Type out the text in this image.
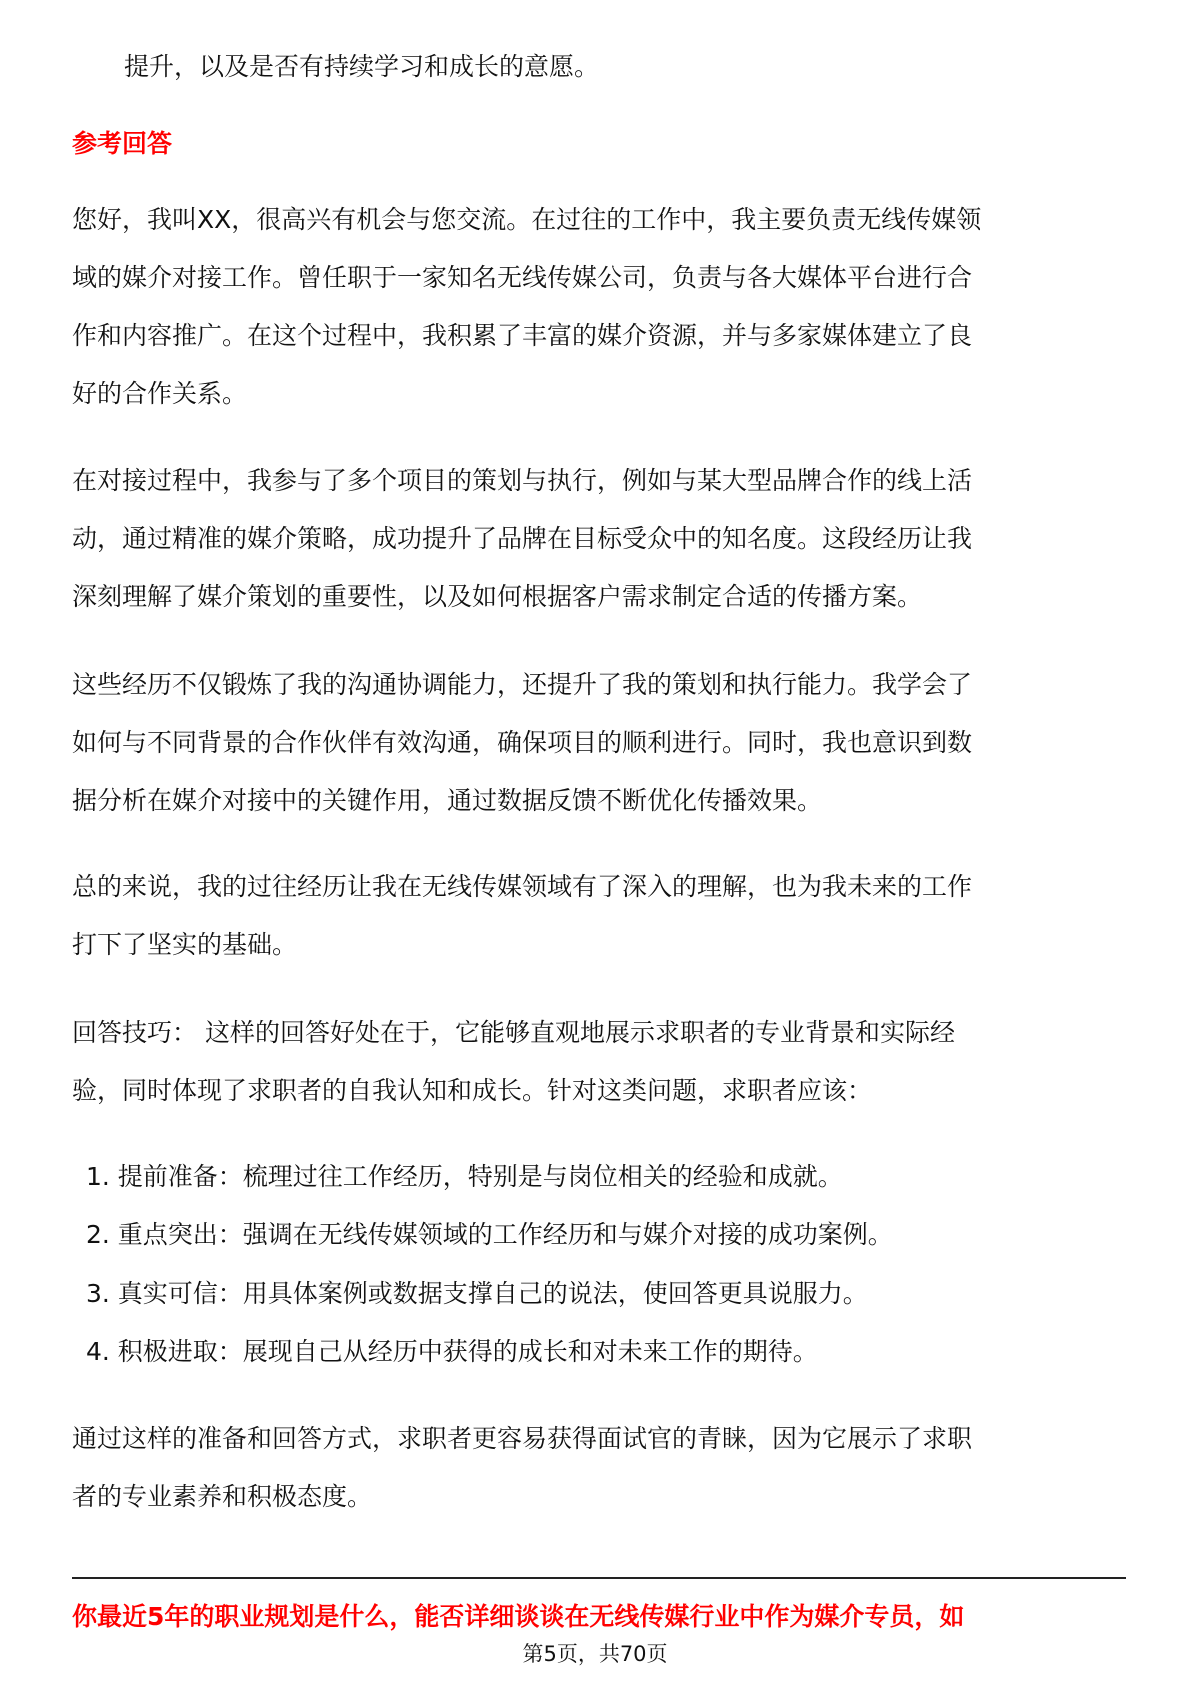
提升，以及是否有持续学习和成长的意愿。
参考回答
您好，我叫XX，很高兴有机会与您交流。在过往的工作中，我主要负责无线传媒领
域的媒介对接工作。曾任职于一家知名无线传媒公司，负责与各大媒体平台进行合
作和内容推广。在这个过程中，我积累了丰富的媒介资源，并与多家媒体建立了良
好的合作关系。
在对接过程中，我参与了多个项目的策划与执行，例如与某大型品牌合作的线上活
动，通过精准的媒介策略，成功提升了品牌在目标受众中的知名度。这段经历让我
深刻理解了媒介策划的重要性，以及如何根据客户需求制定合适的传播方案。
这些经历不仅锻炼了我的沟通协调能力，还提升了我的策划和执行能力。我学会了
如何与不同背景的合作伙伴有效沟通，确保项目的顺利进行。同时，我也意识到数
据分析在媒介对接中的关键作用，通过数据反馈不断优化传播效果。
总的来说，我的过往经历让我在无线传媒领域有了深入的理解，也为我未来的工作
打下了坚实的基础。
回答技巧： 这样的回答好处在于，它能够直观地展示求职者的专业背景和实际经
验，同时体现了求职者的自我认知和成长。针对这类问题，求职者应该：
1. 提前准备：梳理过往工作经历，特别是与岗位相关的经验和成就。
2. 重点突出：强调在无线传媒领域的工作经历和与媒介对接的成功案例。
3. 真实可信：用具体案例或数据支撑自己的说法，使回答更具说服力。
4. 积极进取：展现自己从经历中获得的成长和对未来工作的期待。
通过这样的准备和回答方式，求职者更容易获得面试官的青睐，因为它展示了求职
者的专业素养和积极态度。
你最近5年的职业规划是什么，能否详细谈谈在无线传媒行业中作为媒介专员，如
第5页，共70页
